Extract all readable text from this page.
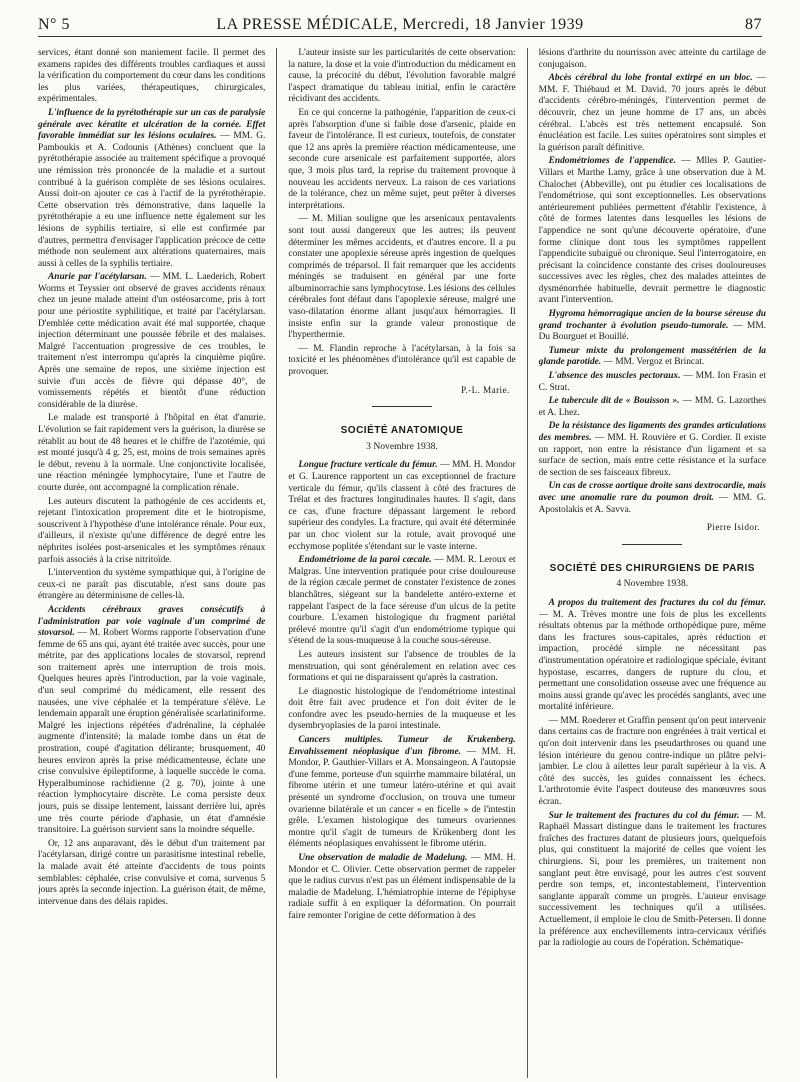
N° 5	LA PRESSE MÉDICALE, Mercredi, 18 Janvier 1939	87

services, étant donné son maniement facile. Il permet des examens rapides des différents troubles cardiaques et aussi la vérification du comportement du cœur dans les conditions les plus variées, thérapeutiques, chirurgicales, expérimentales.

L'influence de la pyrétothérapie sur un cas de paralysie générale avec kératite et ulcération de la cornée. Effet favorable immédiat sur les lésions oculaires. — MM. G. Pamboukis et A. Codounis (Athènes) concluent que la pyrétothérapie associée au traitement spécifique a provoqué une rémission très prononcée de la maladie et a surtout contribué à la guérison complète de ses lésions oculaires. Aussi doit-on ajouter ce cas à l'actif de la pyrétothérapie. Cette observation très démonstrative, dans laquelle la pyrétothérapie a eu une influence nette également sur les lésions de syphilis tertiaire, si elle est confirmée par d'autres, permettra d'envisager l'application précoce de cette méthode non seulement aux altérations quaternaires, mais aussi à celles de la syphilis tertiaire.

Anurie par l'acétylarsan. — MM. L. Laederich, Robert Worms et Teyssier ont observé de graves accidents rénaux chez un jeune malade atteint d'un ostéosarcome, pris à tort pour une périostite syphilitique, et traité par l'acétylarsan. D'emblée cette médication avait été mal supportée, chaque injection déterminant une poussée fébrile et des malaises. Malgré l'accentuation progressive de ces troubles, le traitement n'est interrompu qu'après la cinquième piqûre. Après une semaine de repos, une sixième injection est suivie d'un accès de fièvre qui dépasse 40°, de vomissements répétés et bientôt d'une réduction considérable de la diurèse.

Le malade est transporté à l'hôpital en état d'anurie. L'évolution se fait rapidement vers la guérison, la diurèse se rétablit au bout de 48 heures et le chiffre de l'azotémie, qui est monté jusqu'à 4 g. 25, est, moins de trois semaines après le début, revenu à la normale. Une conjonctivite localisée, une réaction méningée lymphocytaire, l'une et l'autre de courte durée, ont accompagné la complication rénale.

Les auteurs discutent la pathogénie de ces accidents et, rejetant l'intoxication proprement dite et le biotropisme, souscrivent à l'hypothèse d'une intolérance rénale. Pour eux, d'ailleurs, il n'existe qu'une différence de degré entre les néphrites isolées post-arsenicales et les symptômes rénaux parfois associés à la crise nitritoïde.

L'intervention du système sympathique qui, à l'origine de ceux-ci ne paraît pas discutable, n'est sans doute pas étrangère au déterminisme de celles-là.

Accidents cérébraux graves consécutifs à l'administration par voie vaginale d'un comprimé de stovarsol. — M. Robert Worms rapporte l'observation d'une femme de 65 ans qui, ayant été traitée avec succès, pour une métrite, par des applications locales de stovarsol, reprend son traitement après une interruption de trois mois. Quelques heures après l'introduction, par la voie vaginale, d'un seul comprimé du médicament, elle ressent des nausées, une vive céphalée et la température s'élève. Le lendemain apparaît une éruption généralisée scarlatiniforme. Malgré les injections répétées d'adrénaline, la céphalée augmente d'intensité; la malade tombe dans un état de prostration, coupé d'agitation délirante; brusquement, 40 heures environ après la prise médicamenteuse, éclate une crise convulsive épileptiforme, à laquelle succède le coma. Hyperalbuminose rachidienne (2 g. 70), jointe à une réaction lymphocytaire discrète. Le coma persiste deux jours, puis se dissipe lentement, laissant derrière lui, après une très courte période d'aphasie, un état d'amnésie transitoire. La guérison survient sans la moindre séquelle.

Or, 12 ans auparavant, dès le début d'un traitement par l'acétylarsan, dirigé contre un parasitisme intestinal rebelle, la malade avait été atteinte d'accidents de tous points semblables: céphalée, crise convulsive et coma, survenus 5 jours après la seconde injection. La guérison était, de même, intervenue dans des délais rapides.

L'auteur insiste sur les particularités de cette observation: la nature, la dose et la voie d'introduction du médicament en cause, la précocité du début, l'évolution favorable malgré l'aspect dramatique du tableau initial, enfin le caractère récidivant des accidents.

En ce qui concerne la pathogénie, l'apparition de ceux-ci après l'absorption d'une si faible dose d'arsenic, plaide en faveur de l'intolérance. Il est curieux, toutefois, de constater que 12 ans après la première réaction médicamenteuse, une seconde cure arsenicale est parfaitement supportée, alors que, 3 mois plus tard, la reprise du traitement provoque à nouveau les accidents nerveux. La raison de ces variations de la tolérance, chez un même sujet, peut prêter à diverses interprétations.

— M. Milian souligne que les arsenicaux pentavalents sont tout aussi dangereux que les autres; ils peuvent déterminer les mêmes accidents, et d'autres encore. Il a pu constater une apoplexie séreuse après ingestion de quelques comprimés de tréparsol. Il fait remarquer que les accidents méningés se traduisent en général par une forte albuminorrachie sans lymphocytose. Les lésions des cellules cérébrales font défaut dans l'apoplexie séreuse, malgré une vaso-dilatation énorme allant jusqu'aux hémorragies. Il insiste enfin sur la grande valeur pronostique de l'hyperthermie.

— M. Flandin reproche à l'acétylarsan, à la fois sa toxicité et les phénomènes d'intolérance qu'il est capable de provoquer.

P.-L. Marie.
SOCIÉTÉ ANATOMIQUE
3 Novembre 1938.

Longue fracture verticale du fémur. — MM. H. Mondor et G. Laurence rapportent un cas exceptionnel de fracture verticale du fémur, qu'ils classent à côté des fractures de Trélat et des fractures longitudinales hautes. Il s'agit, dans ce cas, d'une fracture dépassant largement le rebord supérieur des condyles. La fracture, qui avait été déterminée par un choc violent sur la rotule, avait provoqué une ecchymose poplitée s'étendant sur le vaste interne.

Endométriome de la paroi cæcale. — MM. R. Leroux et Malgras. Une intervention pratiquée pour crise douloureuse de la région cæcale permet de constater l'existence de zones blanchâtres, siégeant sur la bandelette antéro-externe et rappelant l'aspect de la face séreuse d'un ulcus de la petite courbure. L'examen histologique du fragment pariétal prélevé montre qu'il s'agit d'un endométriome typique qui s'étend de la sous-muqueuse à la couche sous-séreuse.

Les auteurs insistent sur l'absence de troubles de la menstruation, qui sont généralement en relation avec ces formations et qui ne disparaissent qu'après la castration.

Le diagnostic histologique de l'endométriome intestinal doit être fait avec prudence et l'on doit éviter de le confondre avec les pseudo-hernies de la muqueuse et les dysembryoplasies de la paroi intestinale.

Cancers multiples. Tumeur de Krukenberg. Envahissement néoplasique d'un fibrome. — MM. H. Mondor, P. Gauthier-Villars et A. Monsaingeon. A l'autopsie d'une femme, porteuse d'un squirrhe mammaire bilatéral, un fibrome utérin et une tumeur latéro-utérine et qui avait présenté un syndrome d'occlusion, on trouva une tumeur ovarienne bilatérale et un cancer « en ficelle » de l'intestin grêle. L'examen histologique des tumeurs ovariennes montre qu'il s'agit de tumeurs de Krükenberg dont les éléments néoplasiques envahissent le fibrome utérin.

Une observation de maladie de Madelung. — MM. H. Mondor et C. Olivier. Cette observation permet de rappeler que le radius curvus n'est pas un élément indispensable de la maladie de Madelung. L'hémiatrophie interne de l'épiphyse radiale suffit à en expliquer la déformation. On pourrait faire remonter l'origine de cette déformation à des

lésions d'arthrite du nourrisson avec atteinte du cartilage de conjugaison.

Abcès cérébral du lobe frontal extirpé en un bloc. — MM. F. Thiébaud et M. David. 70 jours après le début d'accidents cérébro-méningés, l'intervention permet de découvrir, chez un jeune homme de 17 ans, un abcès cérébral. L'abcès est très nettement encapsulé. Son énucléation est facile. Les suites opératoires sont simples et la guérison paraît définitive.

Endométriomes de l'appendice. — Mlles P. Gautier-Villars et Marthe Lamy, grâce à une observation due à M. Chalochet (Abbeville), ont pu étudier ces localisations de l'endométriose, qui sont exceptionnelles. Les observations antérieurement publiées permettent d'établir l'existence, à côté de formes latentes dans lesquelles les lésions de l'appendice ne sont qu'une découverte opératoire, d'une forme clinique dont tous les symptômes rappellent l'appendicite subaiguë ou chronique. Seul l'interrogatoire, en précisant la coïncidence constante des crises douloureuses successives avec les règles, chez des malades atteintes de dysménorrhée habituelle, devrait permettre le diagnostic avant l'intervention.

Hygroma hémorragique ancien de la bourse séreuse du grand trochanter à évolution pseudo-tumorale. — MM. Du Bourguet et Bouillé.

Tumeur mixte du prolongement massétérien de la glande parotide. — MM. Vergoz et Brincat.

L'absence des muscles pectoraux. — MM. Ion Frasin et C. Strat.

Le tubercule dit de « Bouisson ». — MM. G. Lazorthes et A. Lhez.

De la résistance des ligaments des grandes articulations des membres. — MM. H. Rouvière et G. Cordier. Il existe un rapport, non entre la résistance d'un ligament et sa surface de section, mais entre cette résistance et la surface de section de ses faisceaux fibreux.

Un cas de crosse aortique droite sans dextrocardie, mais avec une anomalie rare du poumon droit. — MM. G. Apostolakis et A. Savva.

Pierre Isidor.
SOCIÉTÉ DES CHIRURGIENS DE PARIS
4 Novembre 1938.

A propos du traitement des fractures du col du fémur. — M. A. Trèves montre une fois de plus les excellents résultats obtenus par la méthode orthopédique pure, même dans les fractures sous-capitales, après réduction et impaction, procédé simple ne nécessitant pas d'instrumentation opératoire et radiologique spéciale, évitant hypostase, escarres, dangers de rupture du clou, et permettant une consolidation osseuse avec une fréquence au moins aussi grande qu'avec les procédés sanglants, avec une mortalité inférieure.

— MM. Roederer et Graffin pensent qu'on peut intervenir dans certains cas de fracture non engrénées à trait vertical et qu'on doit intervenir dans les pseudarthroses ou quand une lésion intérieure du genou contre-indique un plâtre pelvi-jambier. Le clou à ailettes leur paraît supérieur à la vis. A côté des succès, les guides connaissent les échecs. L'arthrotomie évite l'aspect douteuse des manœuvres sous écran.

Sur le traitement des fractures du col du fémur. — M. Raphaël Massart distingue dans le traitement les fractures fraîches des fractures datant de plusieurs jours, quelquefois plus, qui constituent la majorité de celles que voient les chirurgiens. Si, pour les premières, un traitement non sanglant peut être envisagé, pour les autres c'est souvent perdre son temps, et, incontestablement, l'intervention sanglante apparaît comme un progrès. L'auteur envisage successivement les techniques qu'il a utilisées. Actuellement, il emploie le clou de Smith-Petersen. Il donne la préférence aux enchevillements intra-cervicaux vérifiés par la radiologie au cours de l'opération. Schématique-
